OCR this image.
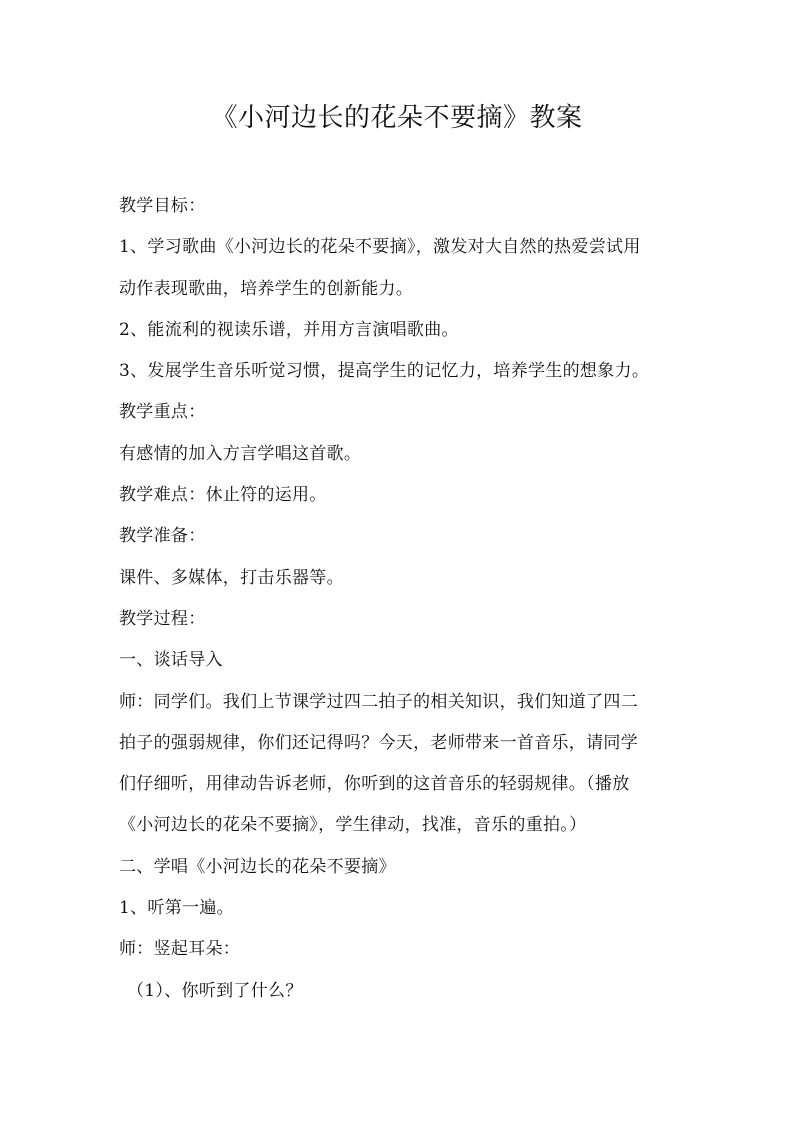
《小河边长的花朵不要摘》教案

教学目标：

1、学习歌曲《小河边长的花朵不要摘》，激发对大自然的热爱尝试用

动作表现歌曲，培养学生的创新能力。

2、能流利的视读乐谱，并用方言演唱歌曲。

3、发展学生音乐听觉习惯，提高学生的记忆力，培养学生的想象力。

教学重点：

有感情的加入方言学唱这首歌。

教学难点：休止符的运用。

教学准备：

课件、多媒体，打击乐器等。

教学过程：

一、谈话导入

师：同学们。我们上节课学过四二拍子的相关知识，我们知道了四二

拍子的强弱规律，你们还记得吗？今天，老师带来一首音乐，请同学

们仔细听，用律动告诉老师，你听到的这首音乐的轻弱规律。（播放

《小河边长的花朵不要摘》，学生律动，找准，音乐的重拍。）

二、学唱《小河边长的花朵不要摘》

1、听第一遍。

师：竖起耳朵：

（1）、你听到了什么？
